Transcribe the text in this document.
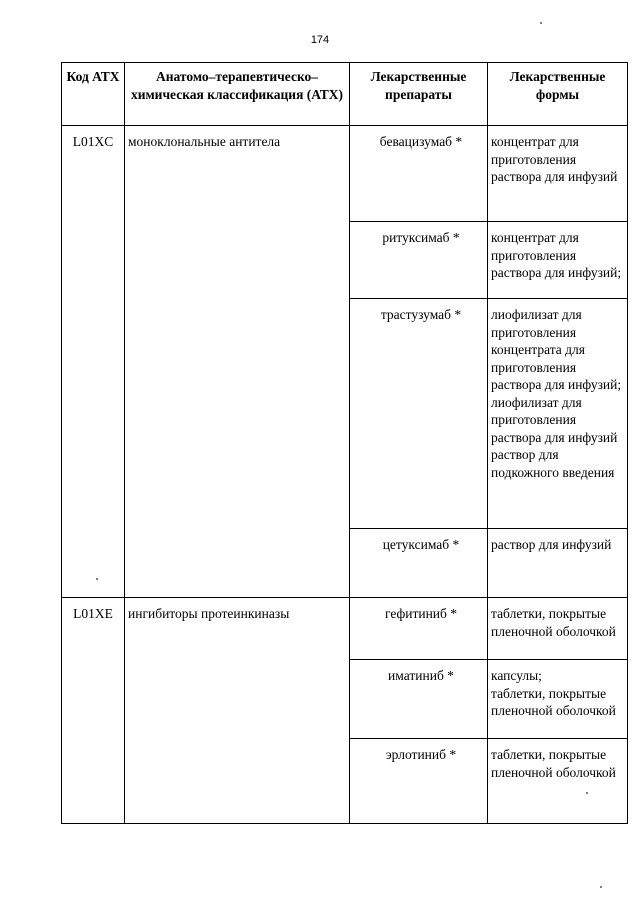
174
Код АТХ	Анатомо–терапевтическо–химическая классификация (АТХ)	Лекарственные препараты	Лекарственные формы
L01XC	моноклональные антитела	бевацизумаб *	концентрат для приготовления раствора для инфузий
		ритуксимаб *	концентрат для приготовления раствора для инфузий;
		трастузумаб *	лиофилизат для приготовления концентрата для приготовления раствора для инфузий;
лиофилизат для приготовления раствора для инфузий
раствор для подкожного введения
		цетуксимаб *	раствор для инфузий
L01XE	ингибиторы протеинкиназы	гефитиниб *	таблетки, покрытые пленочной оболочкой
		иматиниб *	капсулы;
таблетки, покрытые пленочной оболочкой
		эрлотиниб *	таблетки, покрытые пленочной оболочкой
